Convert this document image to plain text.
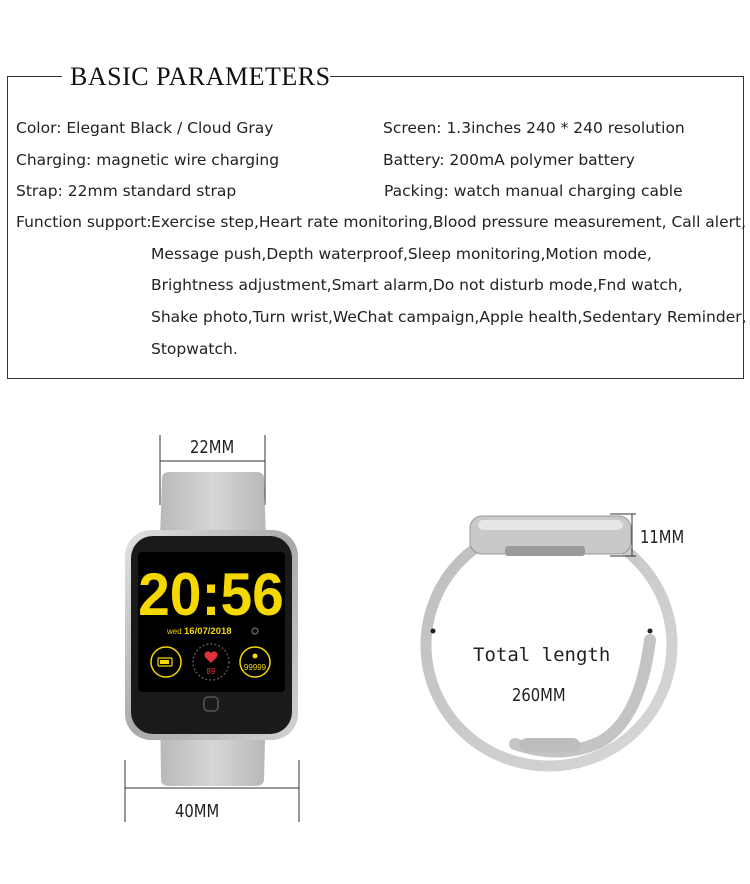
BASIC PARAMETERS
Color: Elegant Black / Cloud Gray	Screen: 1.3inches 240 * 240 resolution
Charging: magnetic wire charging	Battery: 200mA polymer battery
Strap: 22mm standard strap	Packing: watch manual charging cable
Function support: Exercise step,Heart rate monitoring,Blood pressure measurement, Call alert,
Message push,Depth waterproof,Sleep monitoring,Motion mode,
Brightness adjustment,Smart alarm,Do not disturb mode,Fnd watch,
Shake photo,Turn wrist,WeChat campaign,Apple health,Sedentary Reminder,
Stopwatch.
20:56
wed 16/07/2018
89	99999
22MM
40MM
11MM
Total length
260MM
